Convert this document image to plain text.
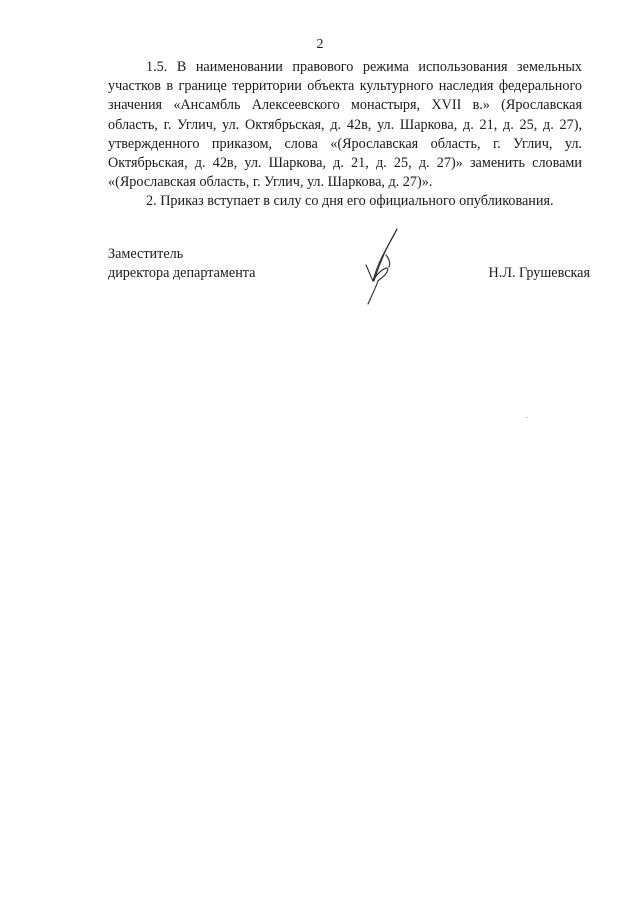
2

1.5. В наименовании правового режима использования земельных участков в границе территории объекта культурного наследия федерального значения «Ансамбль Алексеевского монастыря, XVII в.» (Ярославская область, г. Углич, ул. Октябрьская, д. 42в, ул. Шаркова, д. 21, д. 25, д. 27), утвержденного приказом, слова «(Ярославская область, г. Углич, ул. Октябрьская, д. 42в, ул. Шаркова, д. 21, д. 25, д. 27)» заменить словами «(Ярославская область, г. Углич, ул. Шаркова, д. 27)».

2. Приказ вступает в силу со дня его официального опубликования.

Заместитель
директора департамента	Н.Л. Грушевская
